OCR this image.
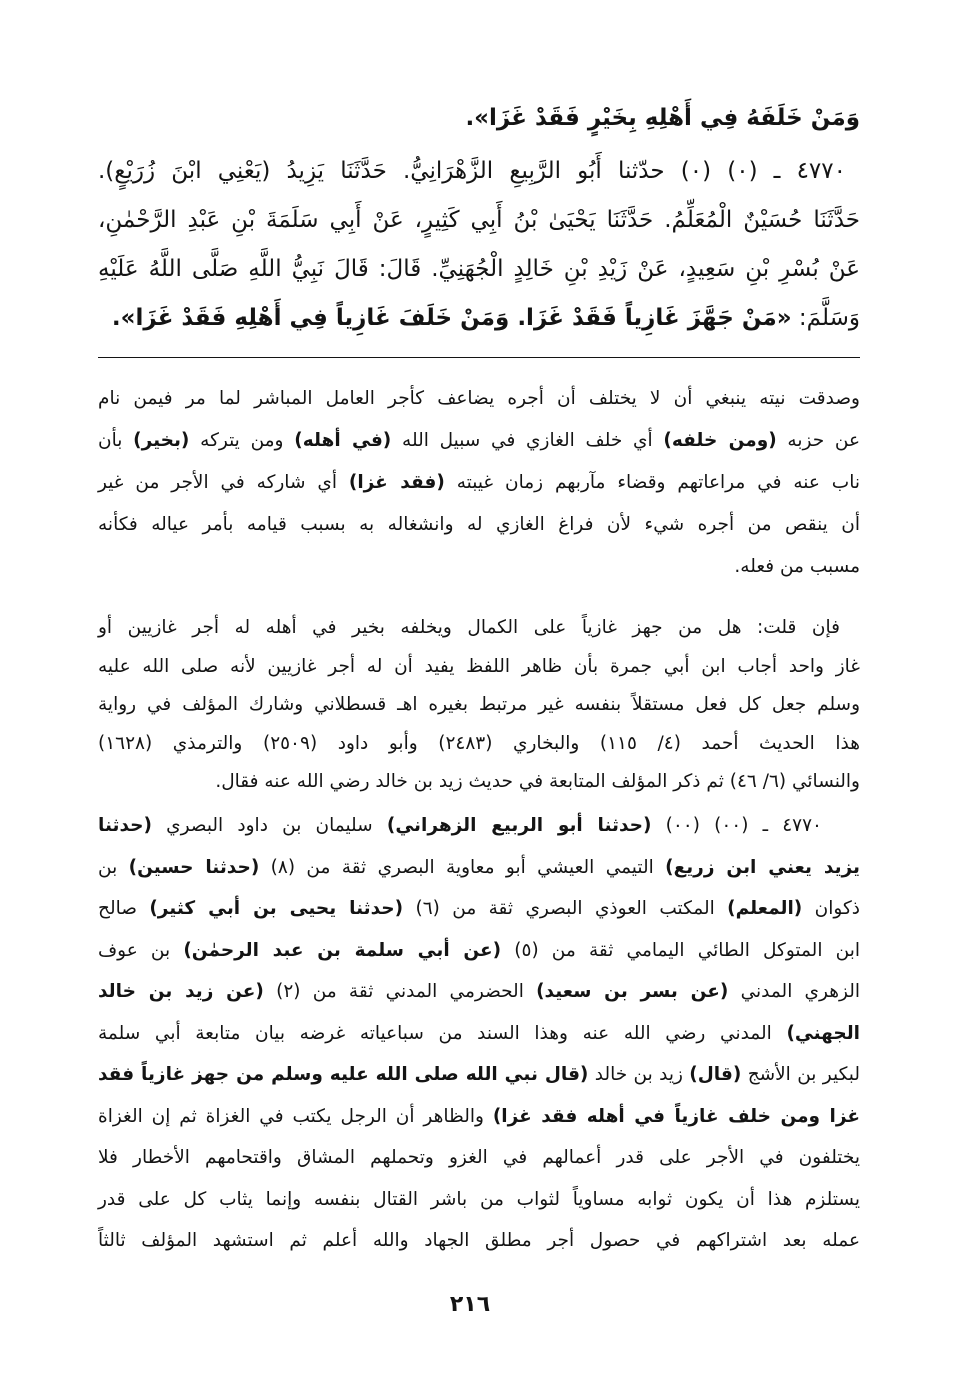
وَمَنْ خَلَفَهُ فِي أَهْلِهِ بِخَيْرٍ فَقَدْ غَزَا».
٤٧٧٠ ـ (٠) (٠) حدّثنا أَبُو الرَّبِيعِ الزَّهْرَانِيُّ. حَدَّثَنَا يَزِيدُ (يَعْنِي ابْنَ زُرَيْعٍ).
حَدَّثَنَا حُسَيْنٌ الْمُعَلِّمُ. حَدَّثَنَا يَحْيَىٰ بْنُ أَبِي كَثِيرٍ، عَنْ أَبِي سَلَمَةَ بْنِ عَبْدِ الرَّحْمٰنِ،
عَنْ بُسْرِ بْنِ سَعِيدٍ، عَنْ زَيْدِ بْنِ خَالِدٍ الْجُهَنِيِّ. قَالَ: قَالَ نَبِيُّ اللَّهِ صَلَّى اللَّهُ عَلَيْهِ
وَسَلَّمَ: «مَنْ جَهَّزَ غَازِياً فَقَدْ غَزَا. وَمَنْ خَلَفَ غَازِياً فِي أَهْلِهِ فَقَدْ غَزَا».
وصدقت نيته ينبغي أن لا يختلف أن أجره يضاعف كأجر العامل المباشر لما مر فيمن نام
عن حزبه (ومن خلفه) أي خلف الغازي في سبيل الله (في أهله) ومن يتركه (بخير) بأن
ناب عنه في مراعاتهم وقضاء مآربهم زمان غيبته (فقد غزا) أي شاركه في الأجر من غير
أن ينقص من أجره شيء لأن فراغ الغازي له وانشغاله به بسبب قيامه بأمر عياله فكأنه
مسبب من فعله.
فإن قلت: هل من جهز غازياً على الكمال ويخلفه بخير في أهله له أجر غازيين أو
غاز واحد أجاب ابن أبي جمرة بأن ظاهر اللفظ يفيد أن له أجر غازيين لأنه صلى الله عليه
وسلم جعل كل فعل مستقلاً بنفسه غير مرتبط بغيره اهـ قسطلاني وشارك المؤلف في رواية
هذا الحديث أحمد (٤/ ١١٥) والبخاري (٢٤٨٣) وأبو داود (٢٥٠٩) والترمذي (١٦٢٨)
والنسائي (٦/ ٤٦) ثم ذكر المؤلف المتابعة في حديث زيد بن خالد رضي الله عنه فقال.
٤٧٧٠ ـ (٠٠) (٠٠) (حدثنا أبو الربيع الزهراني) سليمان بن داود البصري (حدثنا
يزيد يعني ابن زريع) التيمي العيشي أبو معاوية البصري ثقة من (٨) (حدثنا حسين) بن
ذكوان (المعلم) المكتب العوذي البصري ثقة من (٦) (حدثنا يحيى بن أبي كثير) صالح
ابن المتوكل الطائي اليمامي ثقة من (٥) (عن أبي سلمة بن عبد الرحمٰن) بن عوف
الزهري المدني (عن بسر بن سعيد) الحضرمي المدني ثقة من (٢) (عن زيد بن خالد
الجهني) المدني رضي الله عنه وهذا السند من سباعياته غرضه بيان متابعة أبي سلمة
لبكير بن الأشج (قال) زيد بن خالد (قال نبي الله صلى الله عليه وسلم من جهز غازياً فقد
غزا ومن خلف غازياً في أهله فقد غزا) والظاهر أن الرجل يكتب في الغزاة ثم إن الغزاة
يختلفون في الأجر على قدر أعمالهم في الغزو وتحملهم المشاق واقتحامهم الأخطار فلا
يستلزم هذا أن يكون ثوابه مساوياً لثواب من باشر القتال بنفسه وإنما يثاب كل على قدر
عمله بعد اشتراكهم في حصول أجر مطلق الجهاد والله أعلم ثم استشهد المؤلف ثالثاً
٢١٦
